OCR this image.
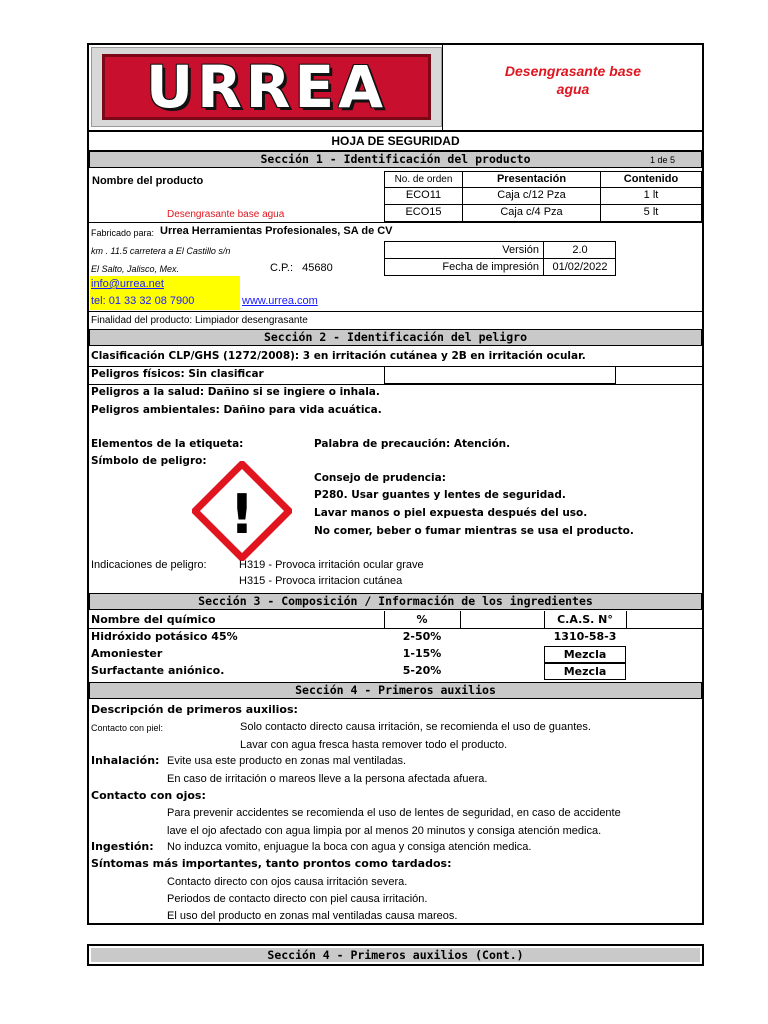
URREA	Desengrasante base
agua
HOJA DE SEGURIDAD
Sección 1 - Identificación del producto	1 de 5
Nombre del producto
Desengrasante base agua
No. de orden	Presentación	Contenido
ECO11	Caja c/12 Pza	1 lt
ECO15	Caja c/4 Pza	5 lt
Fabricado para: Urrea Herramientas Profesionales, SA de CV
km . 11.5 carretera a El Castillo s/n
El Salto, Jalisco, Mex.	C.P.: 45680
Versión	2.0
Fecha de impresión	01/02/2022
info@urrea.net
tel: 01 33 32 08 7900	www.urrea.com
Finalidad del producto: Limpiador desengrasante
Sección 2 - Identificación del peligro
Clasificación CLP/GHS (1272/2008): 3 en irritación cutánea y 2B en irritación ocular.
Peligros físicos: Sin clasificar
Peligros a la salud: Dañino si se ingiere o inhala.
Peligros ambientales: Dañino para vida acuática.
Elementos de la etiqueta:
Símbolo de peligro:
Palabra de precaución: Atención.
!
Consejo de prudencia:
P280. Usar guantes y lentes de seguridad.
Lavar manos o piel expuesta después del uso.
No comer, beber o fumar mientras se usa el producto.
Indicaciones de peligro:	H319 - Provoca irritación ocular grave
H315 - Provoca irritacion cutánea
Sección 3 - Composición / Información de los ingredientes
Nombre del químico	%	C.A.S. N°
Hidróxido potásico 45%	2-50%	1310-58-3
Amoniester	1-15%	Mezcla
Surfactante aniónico.	5-20%	Mezcla
Sección 4 - Primeros auxilios
Descripción de primeros auxilios:
Contacto con piel:	Solo contacto directo causa irritación, se recomienda el uso de guantes.
Lavar con agua fresca hasta remover todo el producto.
Inhalación: Evite usa este producto en zonas mal ventiladas.
En caso de irritación o mareos lleve a la persona afectada afuera.
Contacto con ojos:
Para prevenir accidentes se recomienda el uso de lentes de seguridad, en caso de accidente
lave el ojo afectado con agua limpia por al menos 20 minutos y consiga atención medica.
Ingestión: No induzca vomito, enjuague la boca con agua y consiga atención medica.
Síntomas más importantes, tanto prontos como tardados:
Contacto directo con ojos causa irritación severa.
Periodos de contacto directo con piel causa irritación.
El uso del producto en zonas mal ventiladas causa mareos.
Sección 4 - Primeros auxilios (Cont.)
